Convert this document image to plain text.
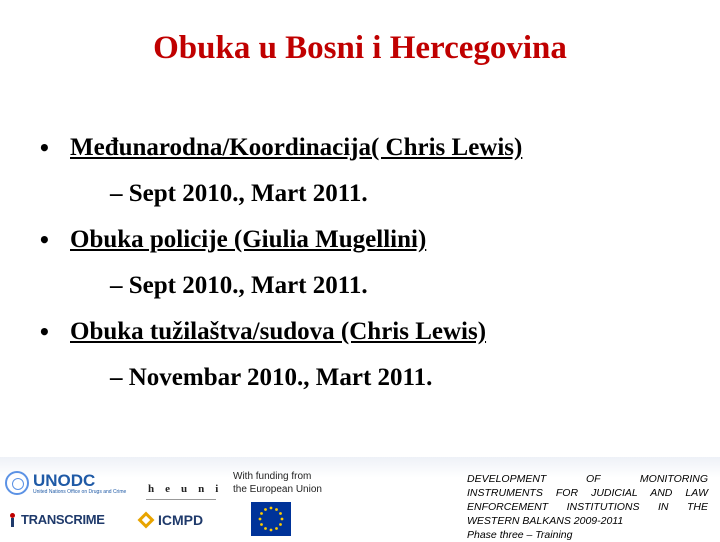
Obuka u Bosni i Hercegovina
• Međunarodna/Koordinacija( Chris Lewis)
– Sept 2010., Mart 2011.
• Obuka policije (Giulia Mugellini)
– Sept 2010., Mart 2011.
• Obuka tužilaštva/sudova (Chris Lewis)
– Novembar 2010., Mart 2011.
UNODC
United Nations Office on Drugs and Crime heuni
TRANSCRIME	ICMPD
With funding from the European Union
DEVELOPMENT OF MONITORING
INSTRUMENTS FOR JUDICIAL AND LAW
ENFORCEMENT INSTITUTIONS IN THE
WESTERN BALKANS 2009-2011
Phase three – Training
